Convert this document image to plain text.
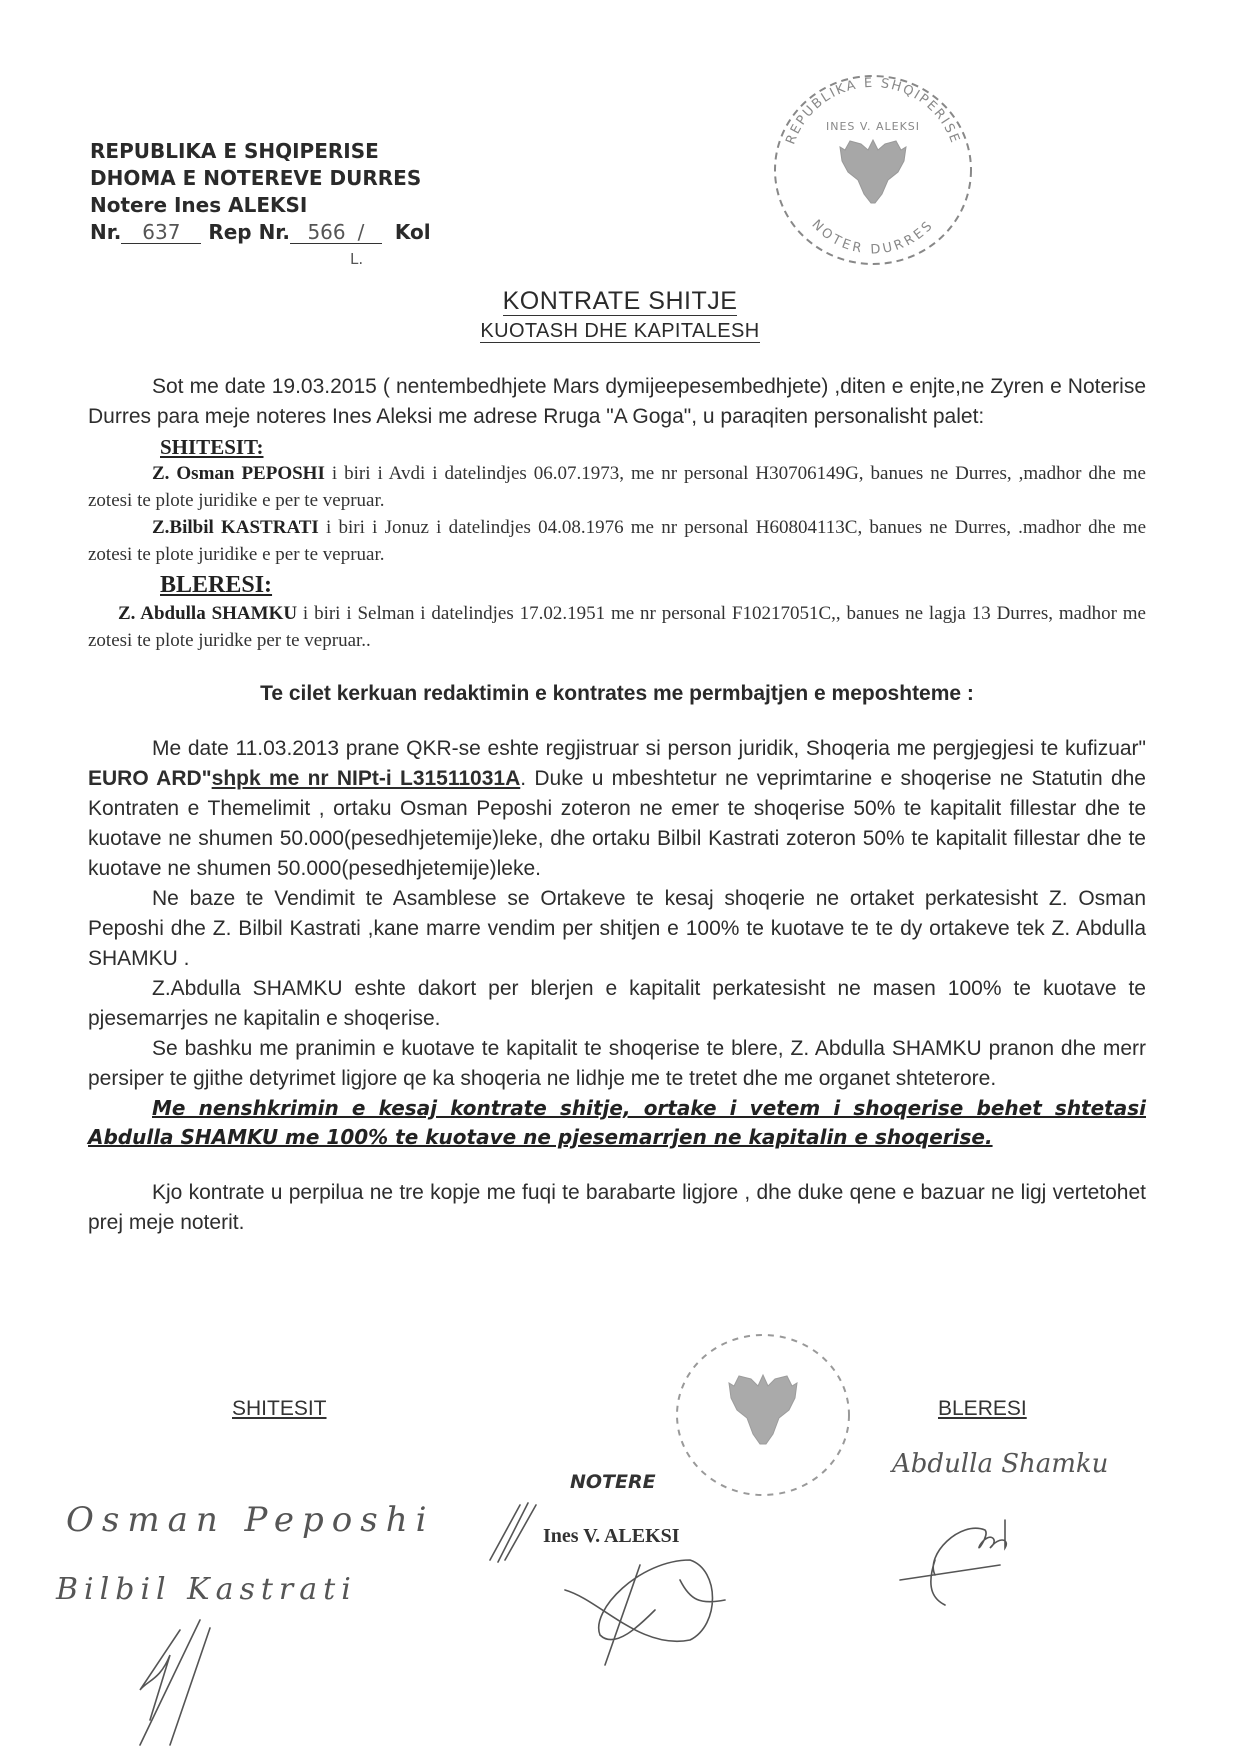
REPUBLIKA E SHQIPERISE
DHOMA E NOTEREVE DURRES
Notere Ines ALEKSI
Nr. 637 Rep Nr. 566 / Kol
L.
REPUBLIKA E SHQIPERISE
INES V. ALEKSI
NOTER DURRES
KONTRATE SHITJE
KUOTASH DHE KAPITALESH

Sot me date 19.03.2015 ( nentembedhjete Mars dymijeepesembedhjete) ,diten e enjte,ne Zyren e Noterise Durres para meje noteres Ines Aleksi me adrese Rruga "A Goga", u paraqiten personalisht palet:

SHITESIT:

Z. Osman PEPOSHI i biri i Avdi i datelindjes 06.07.1973, me nr personal H30706149G, banues ne Durres, ,madhor dhe me zotesi te plote juridike e per te vepruar.

Z.Bilbil KASTRATI i biri i Jonuz i datelindjes 04.08.1976 me nr personal H60804113C, banues ne Durres, .madhor dhe me zotesi te plote juridike e per te vepruar.

BLERESI:

Z. Abdulla SHAMKU i biri i Selman i datelindjes 17.02.1951 me nr personal F10217051C,, banues ne lagja 13 Durres, madhor me zotesi te plote juridke per te vepruar..

Te cilet kerkuan redaktimin e kontrates me permbajtjen e meposhteme :

Me date 11.03.2013 prane QKR-se eshte regjistruar si person juridik, Shoqeria me pergjegjesi te kufizuar" EURO ARD"shpk me nr NIPt-i L31511031A. Duke u mbeshtetur ne veprimtarine e shoqerise ne Statutin dhe Kontraten e Themelimit , ortaku Osman Peposhi zoteron ne emer te shoqerise 50% te kapitalit fillestar dhe te kuotave ne shumen 50.000(pesedhjetemije)leke, dhe ortaku Bilbil Kastrati zoteron 50% te kapitalit fillestar dhe te kuotave ne shumen 50.000(pesedhjetemije)leke.

Ne baze te Vendimit te Asamblese se Ortakeve te kesaj shoqerie ne ortaket perkatesisht Z. Osman Peposhi dhe Z. Bilbil Kastrati ,kane marre vendim per shitjen e 100% te kuotave te te dy ortakeve tek Z. Abdulla SHAMKU .

Z.Abdulla SHAMKU eshte dakort per blerjen e kapitalit perkatesisht ne masen 100% te kuotave te pjesemarrjes ne kapitalin e shoqerise.

Se bashku me pranimin e kuotave te kapitalit te shoqerise te blere, Z. Abdulla SHAMKU pranon dhe merr persiper te gjithe detyrimet ligjore qe ka shoqeria ne lidhje me te tretet dhe me organet shteterore.

Me nenshkrimin e kesaj kontrate shitje, ortake i vetem i shoqerise behet shtetasi Abdulla SHAMKU me 100% te kuotave ne pjesemarrjen ne kapitalin e shoqerise.

Kjo kontrate u perpilua ne tre kopje me fuqi te barabarte ligjore , dhe duke qene e bazuar ne ligj vertetohet prej meje noterit.

SHITESIT	BLERESI
NOTERE
Ines V. ALEKSI
Osman Peposhi
Bilbil Kastrati
Abdulla Shamku
